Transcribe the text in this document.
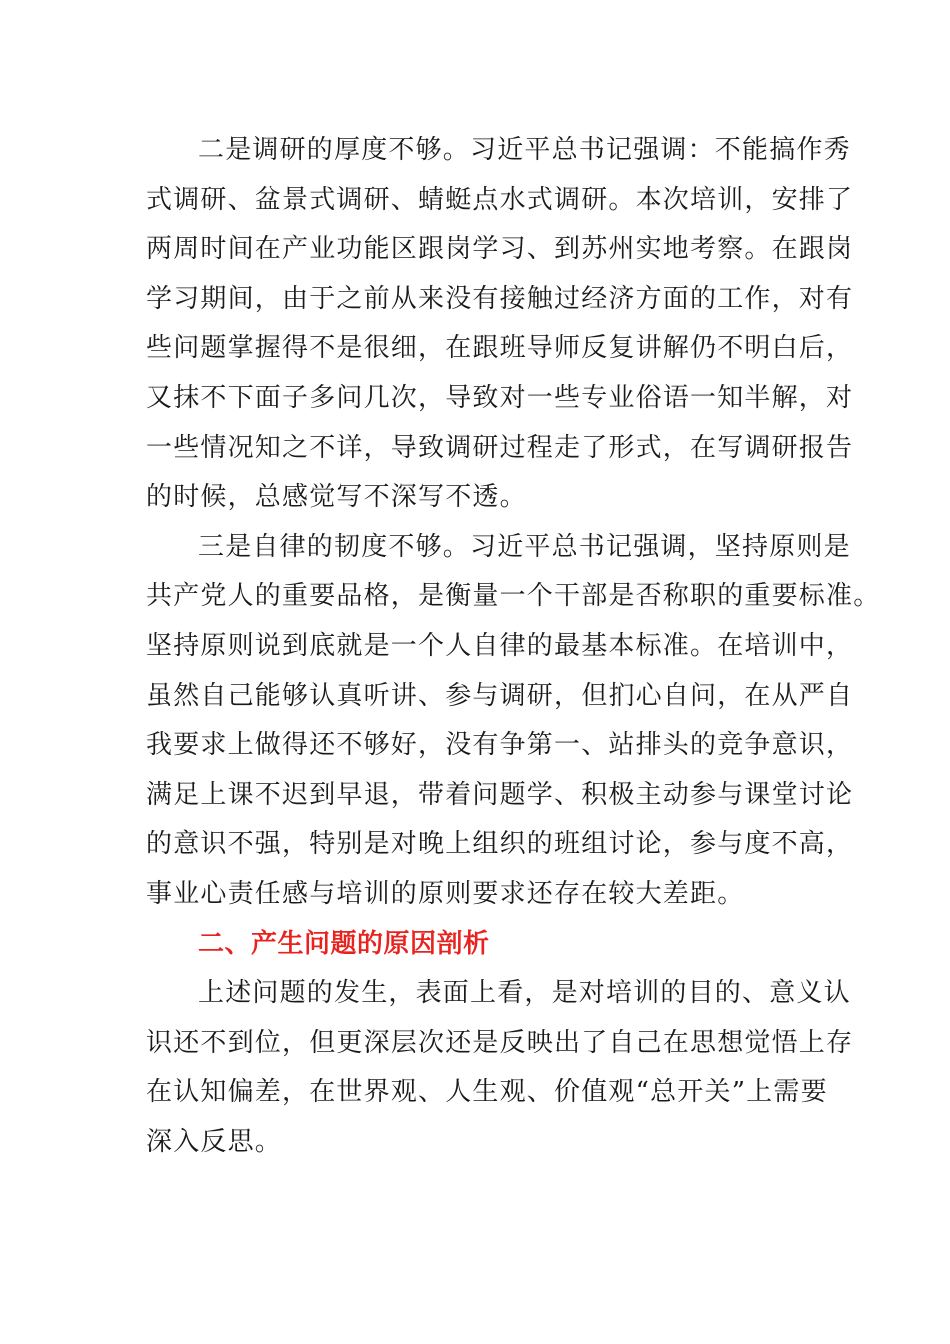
二是调研的厚度不够。习近平总书记强调：不能搞作秀
式调研、盆景式调研、蜻蜓点水式调研。本次培训，安排了
两周时间在产业功能区跟岗学习、到苏州实地考察。在跟岗
学习期间，由于之前从来没有接触过经济方面的工作，对有
些问题掌握得不是很细，在跟班导师反复讲解仍不明白后，
又抹不下面子多问几次，导致对一些专业俗语一知半解，对
一些情况知之不详，导致调研过程走了形式，在写调研报告
的时候，总感觉写不深写不透。
三是自律的韧度不够。习近平总书记强调，坚持原则是
共产党人的重要品格，是衡量一个干部是否称职的重要标准。
坚持原则说到底就是一个人自律的最基本标准。在培训中，
虽然自己能够认真听讲、参与调研，但扪心自问，在从严自
我要求上做得还不够好，没有争第一、站排头的竞争意识，
满足上课不迟到早退，带着问题学、积极主动参与课堂讨论
的意识不强，特别是对晚上组织的班组讨论，参与度不高，
事业心责任感与培训的原则要求还存在较大差距。
二、产生问题的原因剖析
上述问题的发生，表面上看，是对培训的目的、意义认
识还不到位，但更深层次还是反映出了自己在思想觉悟上存
在认知偏差，在世界观、人生观、价值观“总开关”上需要
深入反思。
